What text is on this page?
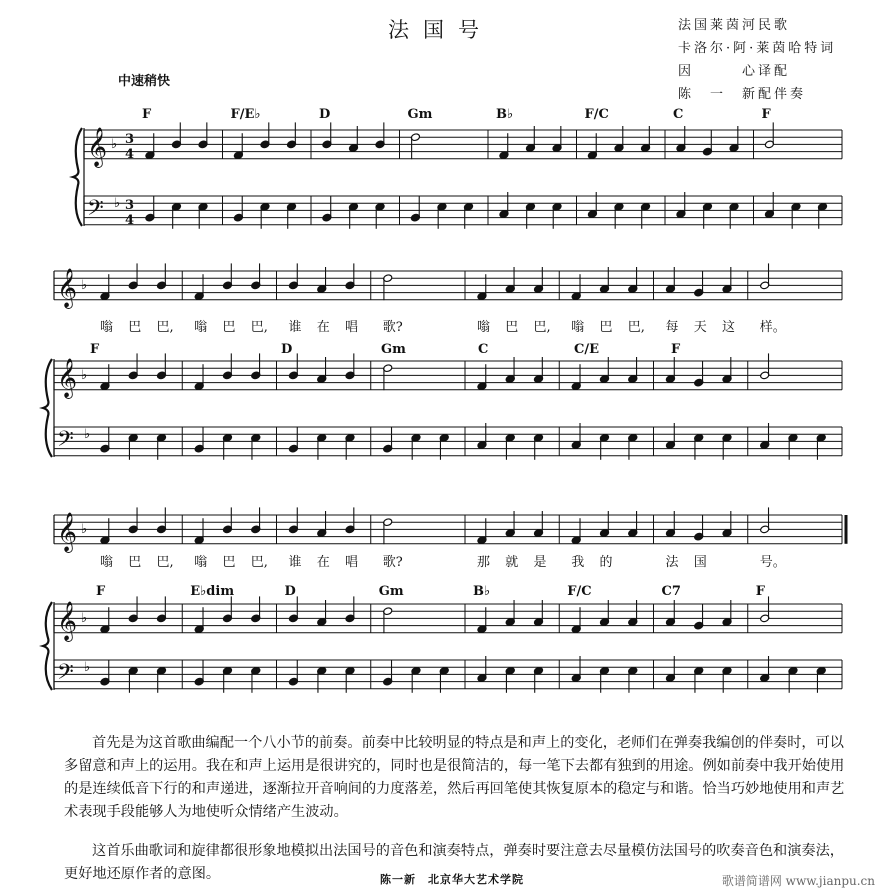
法国号	法国莱茵河民歌
卡洛尔·阿·莱茵哈特词
因　　　心译配
陈　一　新配伴奏
中速稍快
𝄞 ♭ 3
4
𝄢 ♭ 3
4
𝄞 ♭
𝄞 ♭
𝄢 ♭
𝄞 ♭
𝄞 ♭
𝄢 ♭
F	F/E♭	D	Gm	B♭	F/C	C	F
F	D	Gm	C	C/E	F
F	E♭dim	D	Gm	B♭	F/C	C7	F
嗡 巴 巴, 嗡 巴 巴, 谁 在 唱 歌?	嗡 巴 巴, 嗡 巴 巴, 每 天 这 样。
嗡 巴 巴, 嗡 巴 巴, 谁 在 唱 歌?	那 就 是 我 的	法 国	号。
首先是为这首歌曲编配一个八小节的前奏。前奏中比较明显的特点是和声上的变化，老师们在弹奏我编创的伴奏时，可以多留意和声上的运用。我在和声上运用是很讲究的，同时也是很简洁的，每一笔下去都有独到的用途。例如前奏中我开始使用的是连续低音下行的和声递进，逐渐拉开音响间的力度落差，然后再回笔使其恢复原本的稳定与和谐。恰当巧妙地使用和声艺术表现手段能够人为地使听众情绪产生波动。
这首乐曲歌词和旋律都很形象地模拟出法国号的音色和演奏特点，弹奏时要注意去尽量模仿法国号的吹奏音色和演奏法，更好地还原作者的意图。	陈一新　北京华大艺术学院	歌谱简谱网 www.jianpu.cn
